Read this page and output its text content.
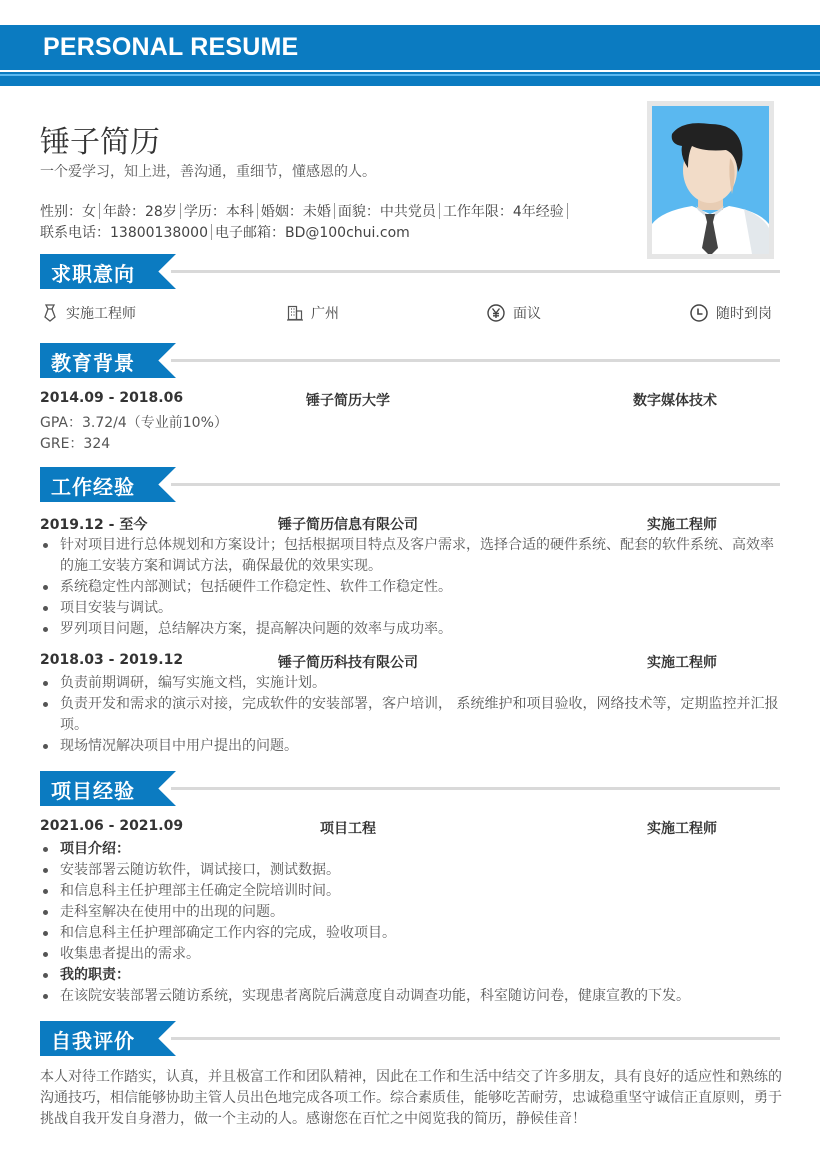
PERSONAL RESUME
锤子简历
一个爱学习，知上进，善沟通，重细节，懂感恩的人。
性别：女 年龄：28岁 学历：本科 婚姻：未婚 面貌：中共党员 工作年限：4年经验
联系电话：13800138000 电子邮箱：BD@100chui.com
求职意向
实施工程师	广州	面议	随时到岗
教育背景
2014.09 - 2018.06	锤子简历大学	数字媒体技术
GPA：3.72/4（专业前10%）
GRE：324
工作经验
2019.12 - 至今	锤子简历信息有限公司	实施工程师
针对项目进行总体规划和方案设计；包括根据项目特点及客户需求，选择合适的硬件系统、配套的软件系统、高效率的施工安装方案和调试方法，确保最优的效果实现。
系统稳定性内部测试；包括硬件工作稳定性、软件工作稳定性。
项目安装与调试。
罗列项目问题，总结解决方案，提高解决问题的效率与成功率。
2018.03 - 2019.12	锤子简历科技有限公司	实施工程师
负责前期调研，编写实施文档，实施计划。
负责开发和需求的演示对接，完成软件的安装部署，客户培训， 系统维护和项目验收，网络技术等，定期监控并汇报项。
现场情况解决项目中用户提出的问题。
项目经验
2021.06 - 2021.09	项目工程	实施工程师
项目介绍：
安装部署云随访软件，调试接口，测试数据。
和信息科主任护理部主任确定全院培训时间。
走科室解决在使用中的出现的问题。
和信息科主任护理部确定工作内容的完成，验收项目。
收集患者提出的需求。
我的职责：
在该院安装部署云随访系统，实现患者离院后满意度自动调查功能，科室随访问卷，健康宣教的下发。
自我评价
本人对待工作踏实，认真，并且极富工作和团队精神，因此在工作和生活中结交了许多朋友，具有良好的适应性和熟练的沟通技巧，相信能够协助主管人员出色地完成各项工作。综合素质佳，能够吃苦耐劳，忠诚稳重坚守诚信正直原则，勇于挑战自我开发自身潜力，做一个主动的人。感谢您在百忙之中阅览我的简历，静候佳音！
